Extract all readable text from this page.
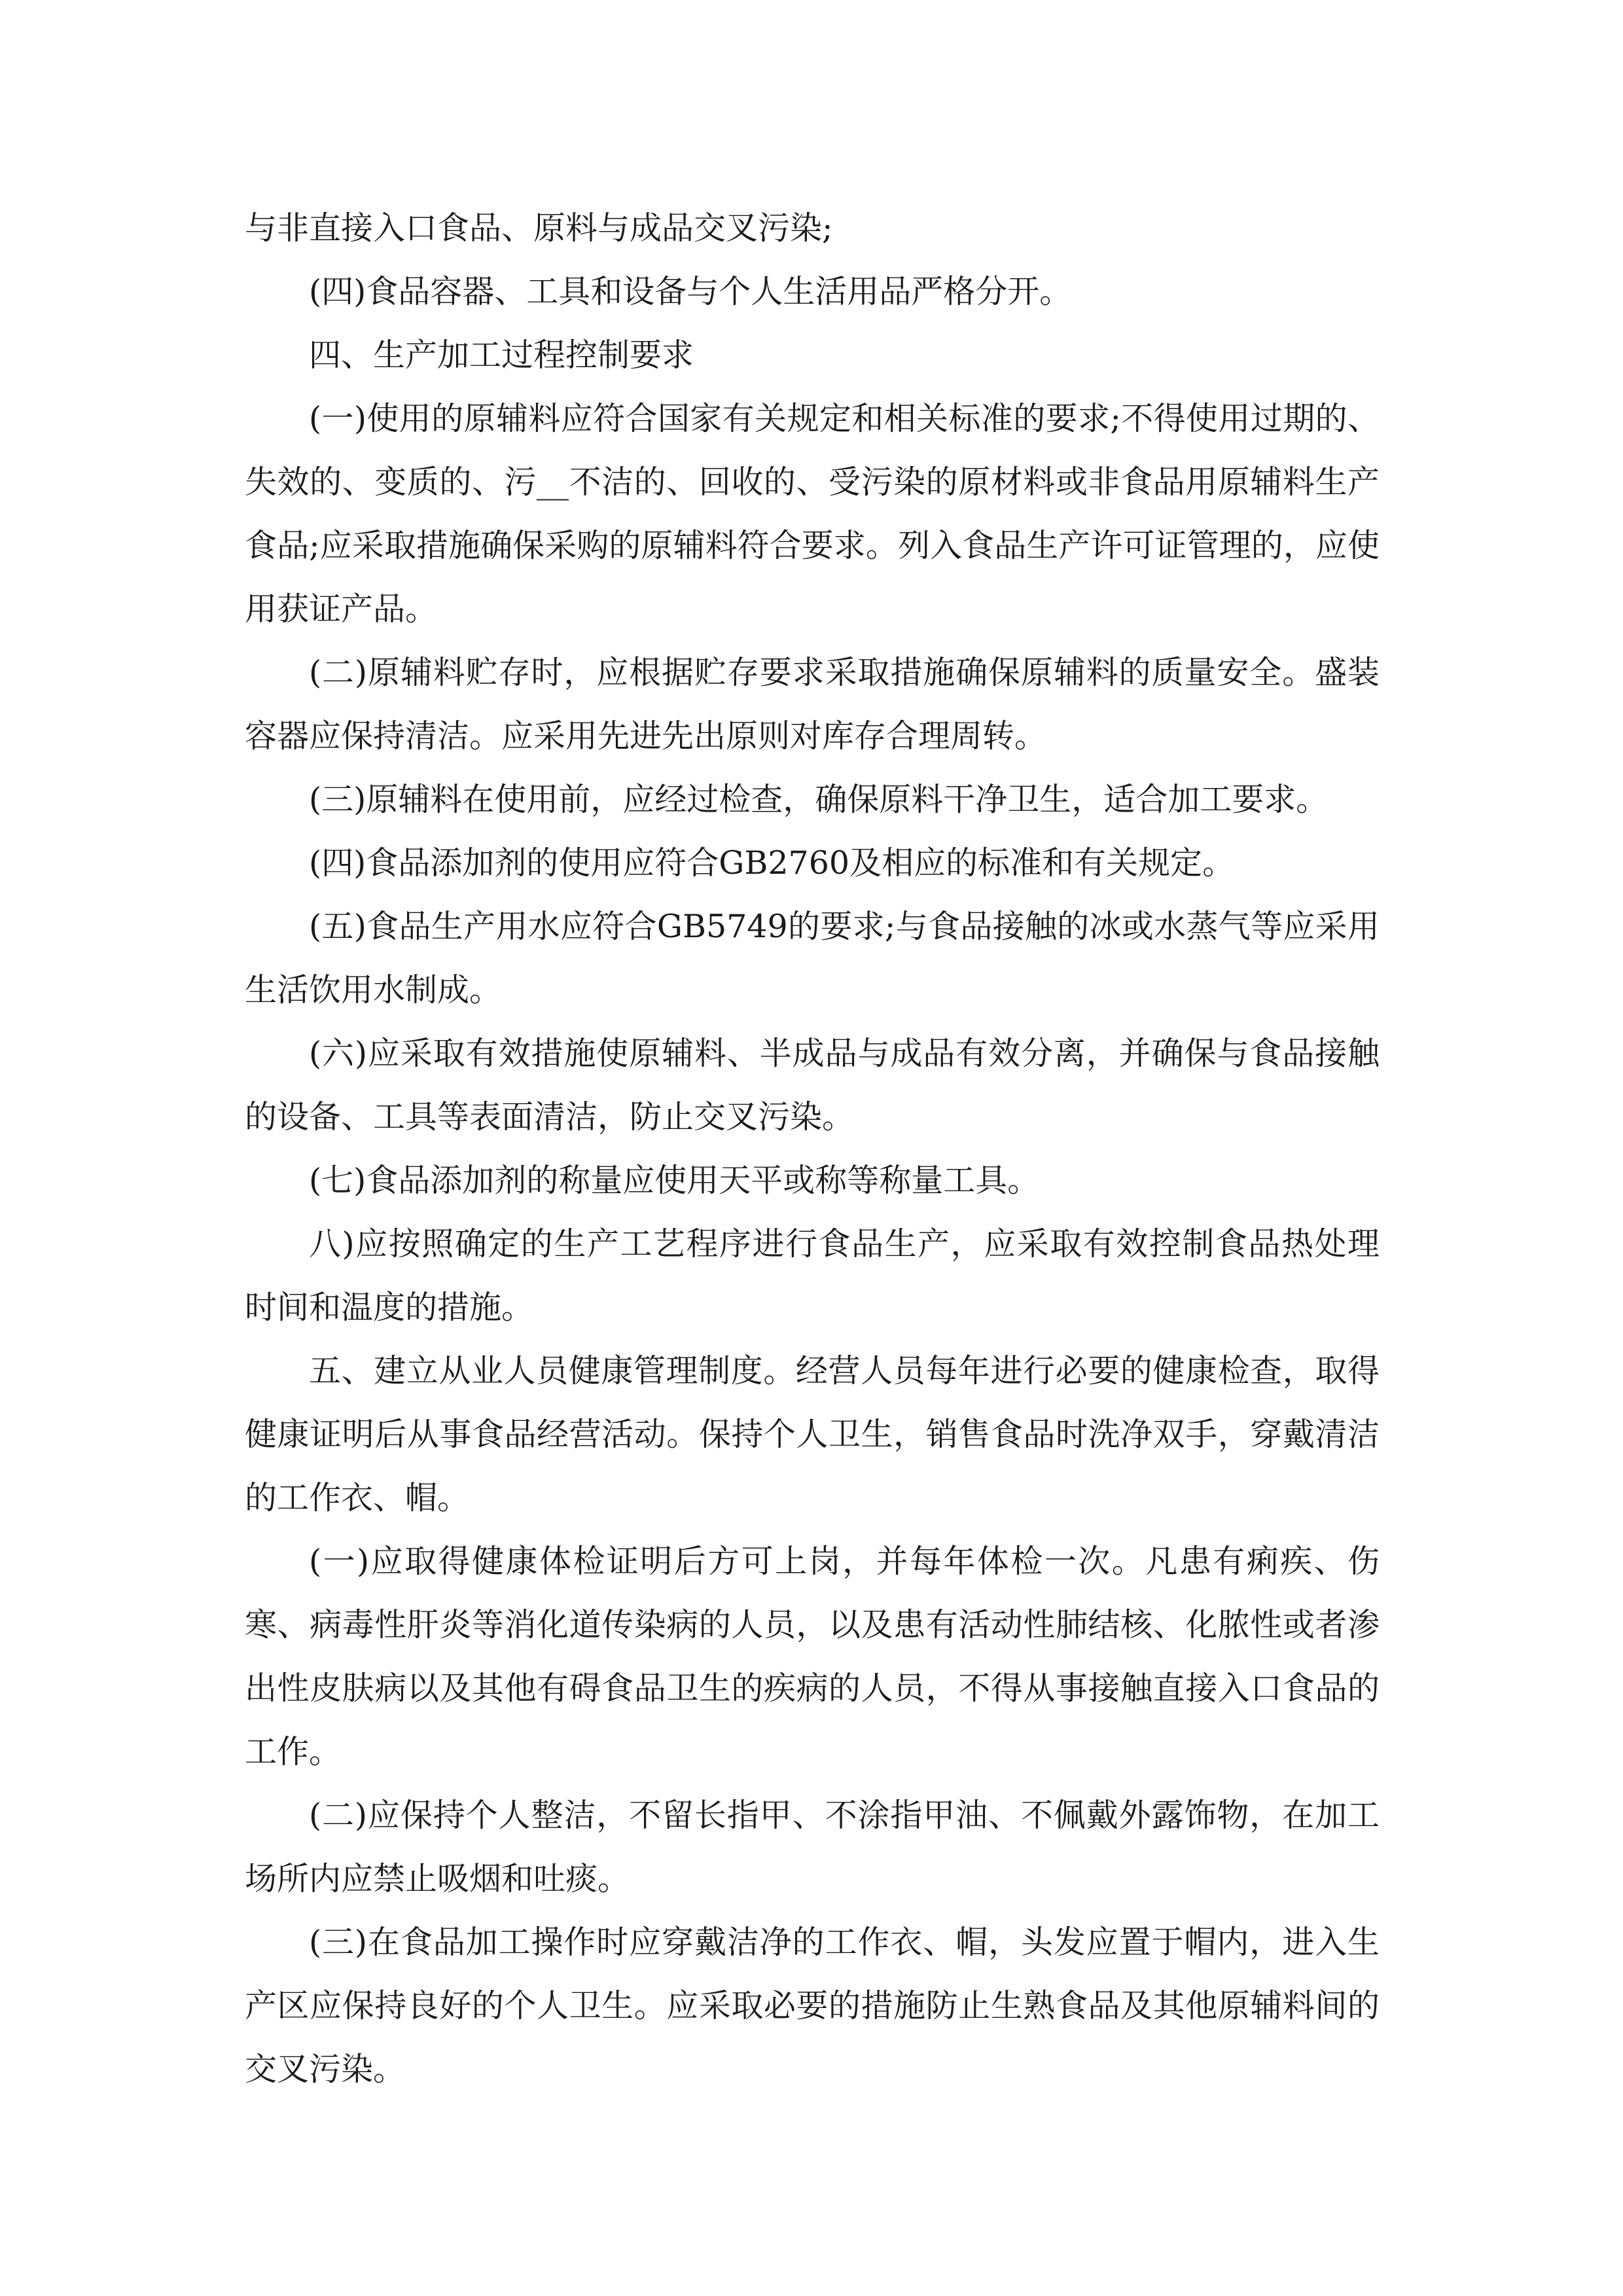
与非直接入口食品、原料与成品交叉污染;

(四)食品容器、工具和设备与个人生活用品严格分开。

四、生产加工过程控制要求

(一)使用的原辅料应符合国家有关规定和相关标准的要求;不得使用过期的、失效的、变质的、污__不洁的、回收的、受污染的原材料或非食品用原辅料生产食品;应采取措施确保采购的原辅料符合要求。列入食品生产许可证管理的，应使用获证产品。

(二)原辅料贮存时，应根据贮存要求采取措施确保原辅料的质量安全。盛装容器应保持清洁。应采用先进先出原则对库存合理周转。

(三)原辅料在使用前，应经过检查，确保原料干净卫生，适合加工要求。

(四)食品添加剂的使用应符合GB2760及相应的标准和有关规定。

(五)食品生产用水应符合GB5749的要求;与食品接触的冰或水蒸气等应采用生活饮用水制成。

(六)应采取有效措施使原辅料、半成品与成品有效分离，并确保与食品接触的设备、工具等表面清洁，防止交叉污染。

(七)食品添加剂的称量应使用天平或称等称量工具。

八)应按照确定的生产工艺程序进行食品生产，应采取有效控制食品热处理时间和温度的措施。

五、建立从业人员健康管理制度。经营人员每年进行必要的健康检查，取得健康证明后从事食品经营活动。保持个人卫生，销售食品时洗净双手，穿戴清洁的工作衣、帽。

(一)应取得健康体检证明后方可上岗，并每年体检一次。凡患有痢疾、伤寒、病毒性肝炎等消化道传染病的人员，以及患有活动性肺结核、化脓性或者渗出性皮肤病以及其他有碍食品卫生的疾病的人员，不得从事接触直接入口食品的工作。

(二)应保持个人整洁，不留长指甲、不涂指甲油、不佩戴外露饰物，在加工场所内应禁止吸烟和吐痰。

(三)在食品加工操作时应穿戴洁净的工作衣、帽，头发应置于帽内，进入生产区应保持良好的个人卫生。应采取必要的措施防止生熟食品及其他原辅料间的交叉污染。
